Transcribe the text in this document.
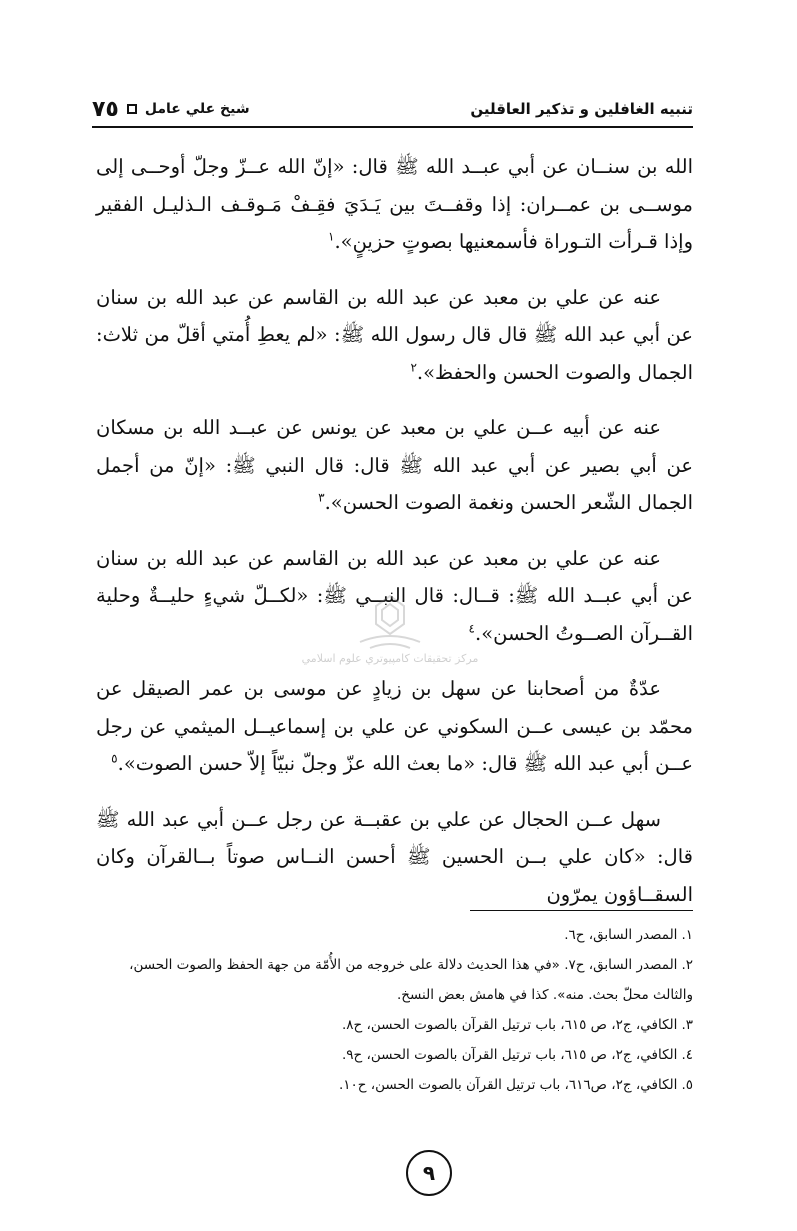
تنبيه الغافلين و تذكير العاقلين
شيخ علي عامل
٧٥

الله بن سنــان عن أبي عبــد الله ﷺ قال: «إنّ الله عــزّ وجلّ أوحــى إلى موســى بن عمــران: إذا وقفــتَ بين يَـدَيَ فقِـفْ مَـوقـف الـذليـل الفقير وإذا قـرأت التـوراة فأسمعنيها بصوتٍ حزينٍ».$^١$

عنه عن علي بن معبد عن عبد الله بن القاسم عن عبد الله بن سنان عن أبي عبد الله ﷺ قال قال رسول الله ﷺ: «لم يعطِ أُمتي أقلّ من ثلاث: الجمال والصوت الحسن والحفظ».$^٢$

عنه عن أبيه عــن علي بن معبد عن يونس عن عبــد الله بن مسكان عن أبي بصير عن أبي عبد الله ﷺ قال: قال النبي ﷺ: «إنّ من أجمل الجمال الشّعر الحسن ونغمة الصوت الحسن».$^٣$

عنه عن علي بن معبد عن عبد الله بن القاسم عن عبد الله بن سنان عن أبي عبــد الله ﷺ: قــال: قال النبــي ﷺ: «لكــلّ شيءٍ حليــةٌ وحلية القــرآن الصــوتُ الحسن».$^٤$

عدّةٌ من أصحابنا عن سهل بن زيادٍ عن موسى بن عمر الصيقل عن محمّد بن عيسى عــن السكوني عن علي بن إسماعيــل الميثمي عن رجل عــن أبي عبد الله ﷺ قال: «ما بعث الله عزّ وجلّ نبيّاً إلاّ حسن الصوت».$^٥$

سهل عــن الحجال عن علي بن عقبــة عن رجل عــن أبي عبد الله ﷺ قال: «كان علي بــن الحسين ﷺ أحسن النــاس صوتاً بــالقرآن وكان السقــاؤون يمرّون

مركز تحقيقات كامپيوتري علوم اسلامي

١.المصدر السابق، ح٦.

٢.المصدر السابق، ح٧. «في هذا الحديث دلالة على خروجه من الأُمّة من جهة الحفظ والصوت الحسن، والثالث محلّ بحث. منه». كذا في هامش بعض النسخ.

٣.الكافي، ج٢، ص ٦١٥، باب ترتيل القرآن بالصوت الحسن، ح٨.

٤.الكافي، ج٢، ص ٦١٥، باب ترتيل القرآن بالصوت الحسن، ح٩.

٥.الكافي، ج٢، ص٦١٦، باب ترتيل القرآن بالصوت الحسن، ح١٠.

٩
